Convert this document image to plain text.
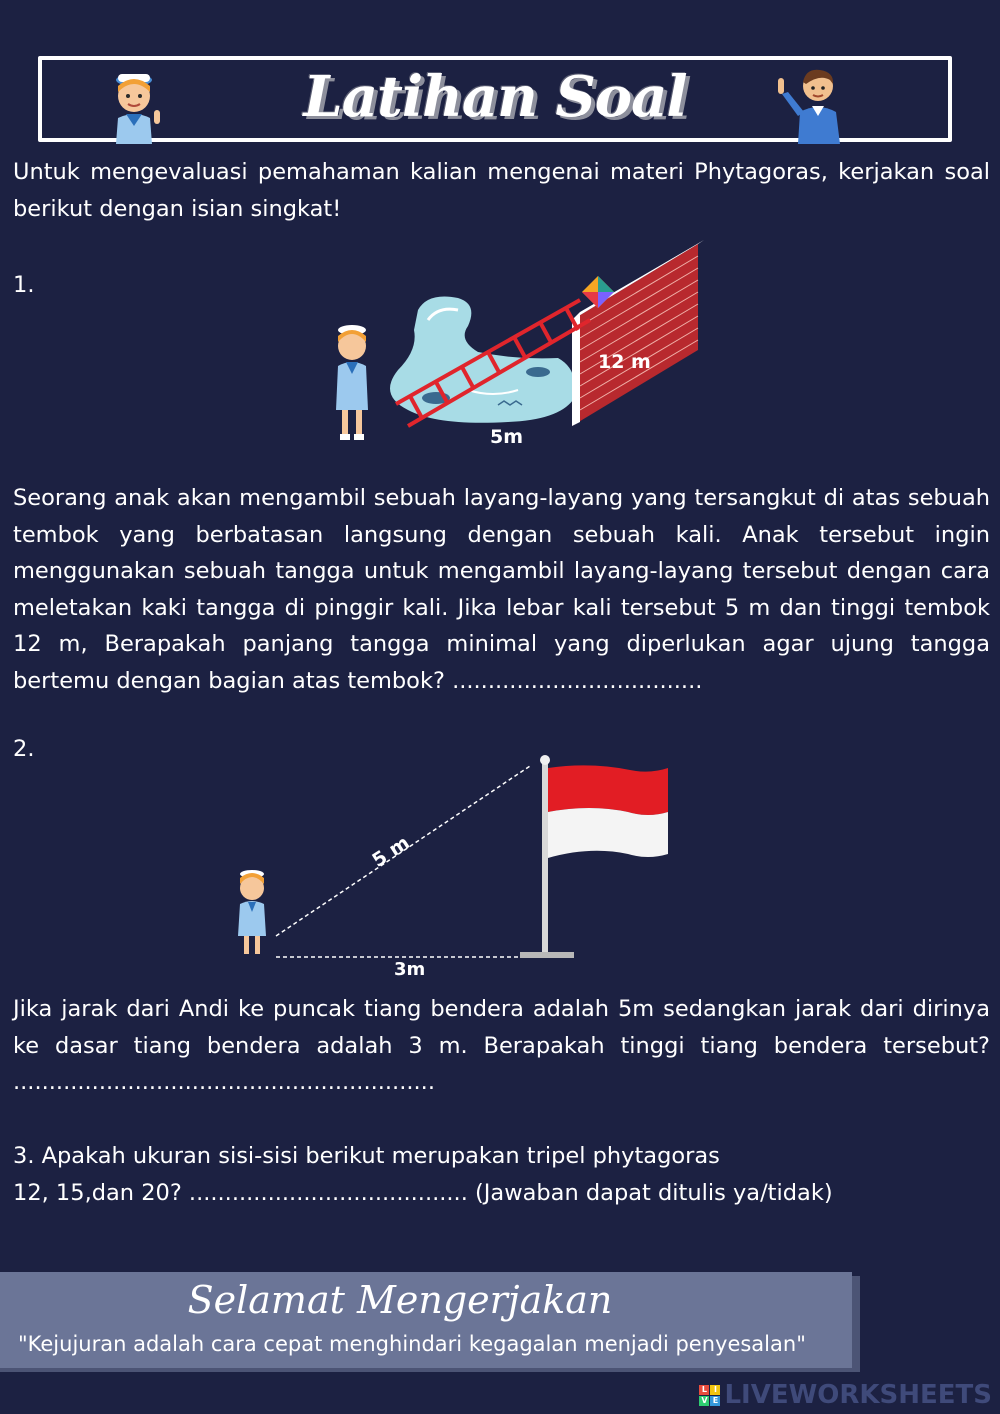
Latihan Soal

Untuk mengevaluasi pemahaman kalian mengenai materi Phytagoras, kerjakan soal berikut dengan isian singkat!

1.
12 m
5m

Seorang anak akan mengambil sebuah layang-layang yang tersangkut di atas sebuah tembok yang berbatasan langsung dengan sebuah kali. Anak tersebut ingin menggunakan sebuah tangga untuk mengambil layang-layang tersebut dengan cara meletakan kaki tangga di pinggir kali. Jika lebar kali tersebut 5 m dan tinggi tembok 12 m, Berapakah panjang tangga minimal yang diperlukan agar ujung tangga bertemu dengan bagian atas tembok? ...................................

2.
5 m
3m

Jika jarak dari Andi ke puncak tiang bendera adalah 5m sedangkan jarak dari dirinya ke dasar tiang bendera adalah 3 m. Berapakah tinggi tiang bendera tersebut? ...........................................................

3. Apakah ukuran sisi-sisi berikut merupakan tripel phytagoras

12, 15,dan 20? ....................................... (Jawaban dapat ditulis ya/tidak)

Selamat Mengerjakan
"Kejujuran adalah cara cepat menghindari kegagalan menjadi penyesalan"
L I
V E LIVEWORKSHEETS
